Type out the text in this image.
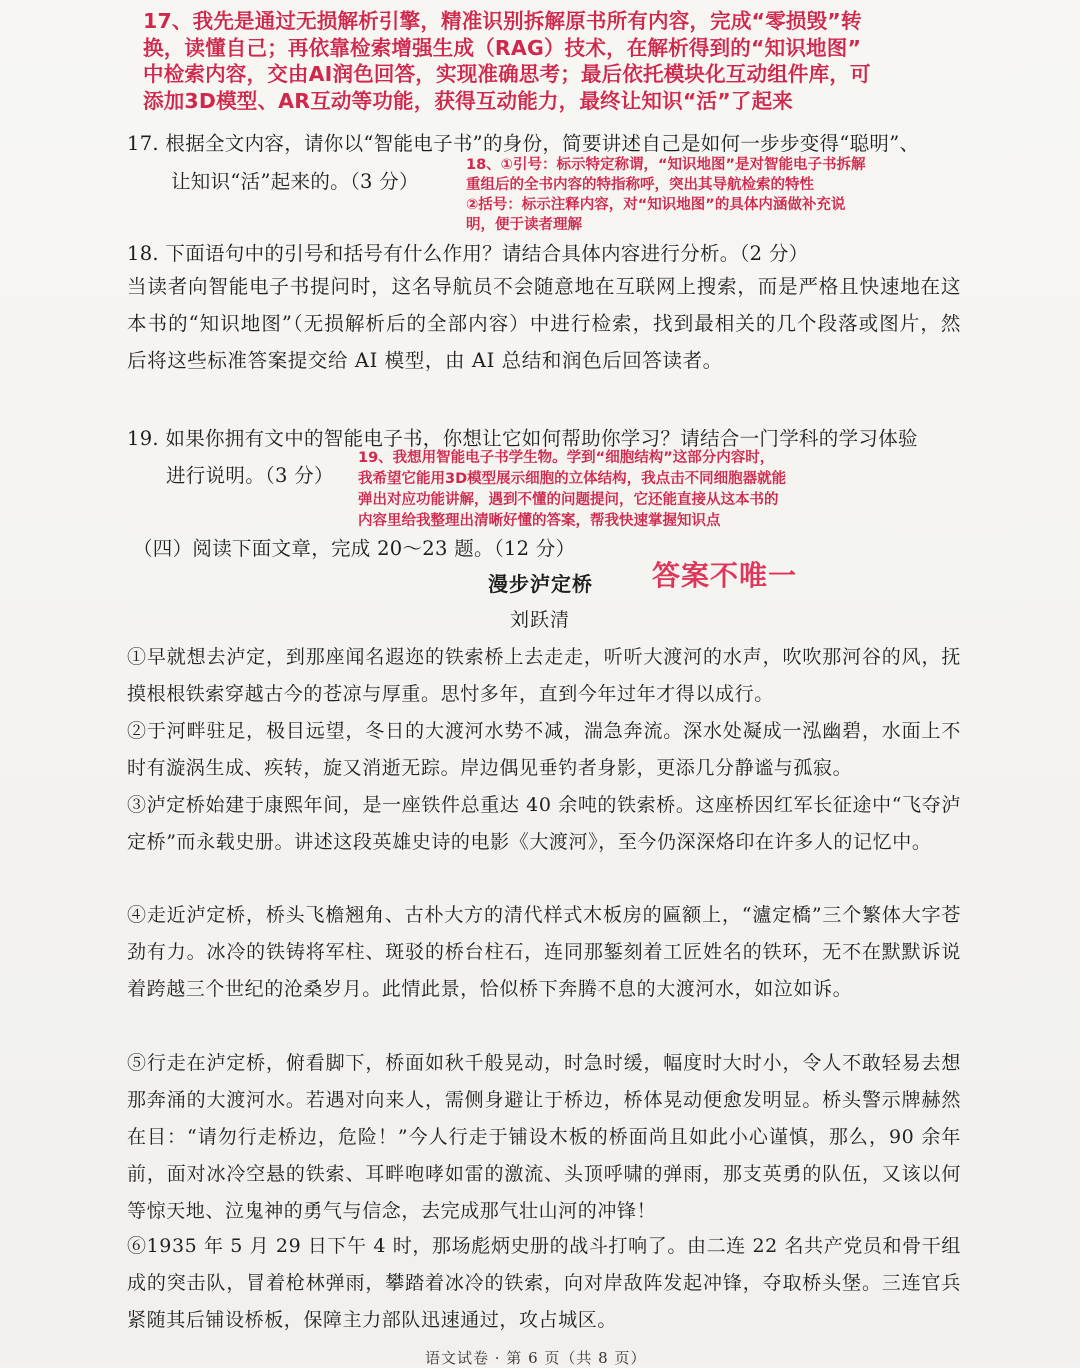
17、我先是通过无损解析引擎，精准识别拆解原书所有内容，完成“零损毁”转
换，读懂自己；再依靠检索增强生成（RAG）技术，在解析得到的“知识地图”
中检索内容，交由AI润色回答，实现准确思考；最后依托模块化互动组件库，可
添加3D模型、AR互动等功能，获得互动能力，最终让知识“活”了起来
17. 根据全文内容，请你以“智能电子书”的身份，简要讲述自己是如何一步步变得“聪明”、
让知识“活”起来的。（3 分）
18、①引号：标示特定称谓，“知识地图”是对智能电子书拆解
重组后的全书内容的特指称呼，突出其导航检索的特性
②括号：标示注释内容，对“知识地图”的具体内涵做补充说
明，便于读者理解
18. 下面语句中的引号和括号有什么作用？请结合具体内容进行分析。（2 分）
当读者向智能电子书提问时，这名导航员不会随意地在互联网上搜索，而是严格且快速地在这本书的“知识地图”（无损解析后的全部内容）中进行检索，找到最相关的几个段落或图片，然后将这些标准答案提交给 AI 模型，由 AI 总结和润色后回答读者。
19. 如果你拥有文中的智能电子书，你想让它如何帮助你学习？请结合一门学科的学习体验
进行说明。（3 分）
19、我想用智能电子书学生物。学到“细胞结构”这部分内容时，
我希望它能用3D模型展示细胞的立体结构，我点击不同细胞器就能
弹出对应功能讲解，遇到不懂的问题提问，它还能直接从这本书的
内容里给我整理出清晰好懂的答案，帮我快速掌握知识点
（四）阅读下面文章，完成 20～23 题。（12 分）
答案不唯一
漫步泸定桥
刘跃清
①早就想去泸定，到那座闻名遐迩的铁索桥上去走走，听听大渡河的水声，吹吹那河谷的风，抚摸根根铁索穿越古今的苍凉与厚重。思忖多年，直到今年过年才得以成行。
②于河畔驻足，极目远望，冬日的大渡河水势不减，湍急奔流。深水处凝成一泓幽碧，水面上不时有漩涡生成、疾转，旋又消逝无踪。岸边偶见垂钓者身影，更添几分静谧与孤寂。
③泸定桥始建于康熙年间，是一座铁件总重达 40 余吨的铁索桥。这座桥因红军长征途中“飞夺泸定桥”而永载史册。讲述这段英雄史诗的电影《大渡河》，至今仍深深烙印在许多人的记忆中。
④走近泸定桥，桥头飞檐翘角、古朴大方的清代样式木板房的匾额上，“瀘定橋”三个繁体大字苍劲有力。冰冷的铁铸将军柱、斑驳的桥台柱石，连同那錾刻着工匠姓名的铁环，无不在默默诉说着跨越三个世纪的沧桑岁月。此情此景，恰似桥下奔腾不息的大渡河水，如泣如诉。
⑤行走在泸定桥，俯看脚下，桥面如秋千般晃动，时急时缓，幅度时大时小，令人不敢轻易去想那奔涌的大渡河水。若遇对向来人，需侧身避让于桥边，桥体晃动便愈发明显。桥头警示牌赫然在目：“请勿行走桥边，危险！”今人行走于铺设木板的桥面尚且如此小心谨慎，那么，90 余年前，面对冰冷空悬的铁索、耳畔咆哮如雷的激流、头顶呼啸的弹雨，那支英勇的队伍，又该以何等惊天地、泣鬼神的勇气与信念，去完成那气壮山河的冲锋！
⑥1935 年 5 月 29 日下午 4 时，那场彪炳史册的战斗打响了。由二连 22 名共产党员和骨干组成的突击队，冒着枪林弹雨，攀踏着冰冷的铁索，向对岸敌阵发起冲锋，夺取桥头堡。三连官兵紧随其后铺设桥板，保障主力部队迅速通过，攻占城区。
语文试卷 · 第 6 页（共 8 页）
